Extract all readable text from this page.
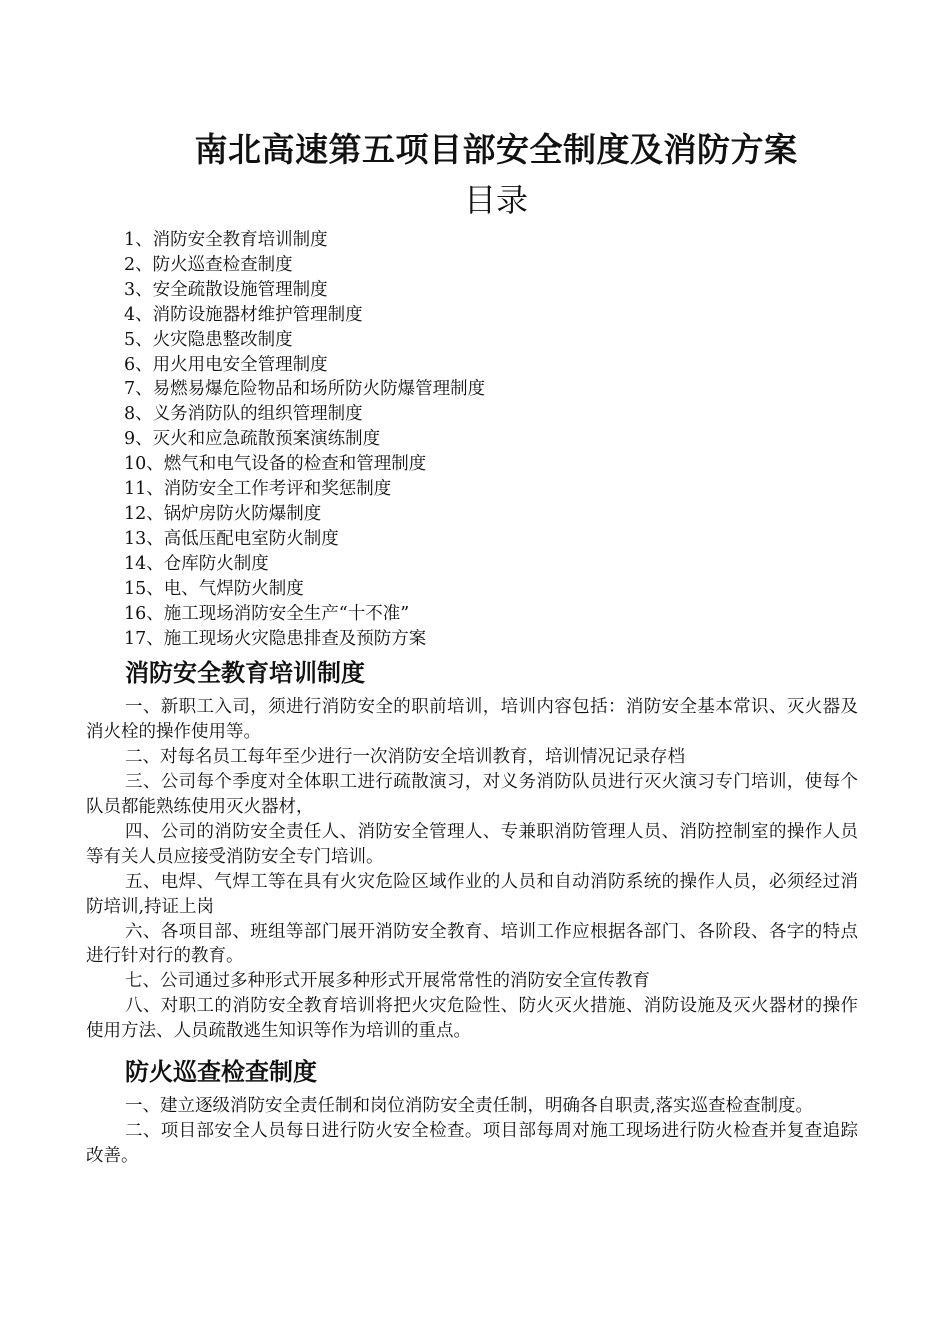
南北高速第五项目部安全制度及消防方案
目录
1、消防安全教育培训制度
2、防火巡查检查制度
3、安全疏散设施管理制度
4、消防设施器材维护管理制度
5、火灾隐患整改制度
6、用火用电安全管理制度
7、易燃易爆危险物品和场所防火防爆管理制度
8、义务消防队的组织管理制度
9、灭火和应急疏散预案演练制度
10、燃气和电气设备的检查和管理制度
11、消防安全工作考评和奖惩制度
12、锅炉房防火防爆制度
13、高低压配电室防火制度
14、仓库防火制度
15、电、气焊防火制度
16、施工现场消防安全生产“十不准”
17、施工现场火灾隐患排查及预防方案
消防安全教育培训制度

一、新职工入司，须进行消防安全的职前培训，培训内容包括：消防安全基本常识、灭火器及消火栓的操作使用等。

二、对每名员工每年至少进行一次消防安全培训教育，培训情况记录存档

三、公司每个季度对全体职工进行疏散演习，对义务消防队员进行灭火演习专门培训，使每个队员都能熟练使用灭火器材，

四、公司的消防安全责任人、消防安全管理人、专兼职消防管理人员、消防控制室的操作人员等有关人员应接受消防安全专门培训。

五、电焊、气焊工等在具有火灾危险区域作业的人员和自动消防系统的操作人员，必须经过消防培训,持证上岗

六、各项目部、班组等部门展开消防安全教育、培训工作应根据各部门、各阶段、各字的特点进行针对行的教育。

七、公司通过多种形式开展多种形式开展常常性的消防安全宣传教育

八、对职工的消防安全教育培训将把火灾危险性、防火灭火措施、消防设施及灭火器材的操作使用方法、人员疏散逃生知识等作为培训的重点。

防火巡查检查制度

一、建立逐级消防安全责任制和岗位消防安全责任制，明确各自职责,落实巡查检查制度。

二、项目部安全人员每日进行防火安全检查。项目部每周对施工现场进行防火检查并复查追踪改善。
